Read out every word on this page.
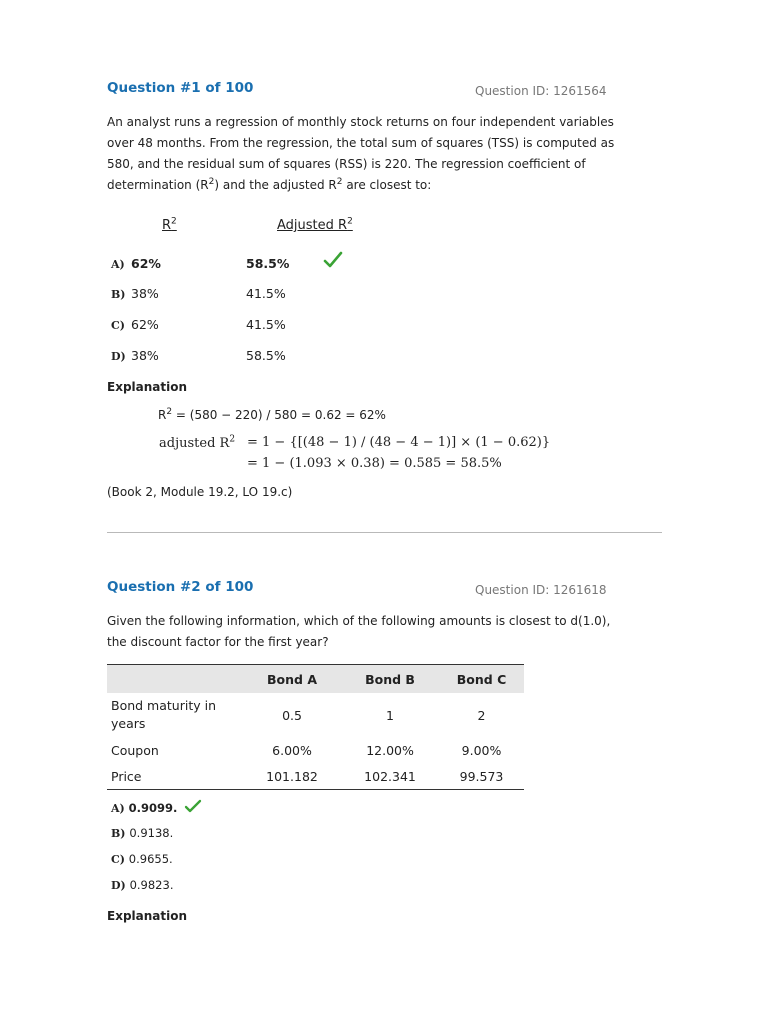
Question #1 of 100	Question ID: 1261564
An analyst runs a regression of monthly stock returns on four independent variables
over 48 months. From the regression, the total sum of squares (TSS) is computed as
580, and the residual sum of squares (RSS) is 220. The regression coefficient of
determination $(R^2)$ and the adjusted $R^2$ are closest to:
$R^2$	Adjusted $R^2$
A) 62%	58.5%
B) 38%	41.5%
C) 62%	41.5%
D) 38%	58.5%
Explanation
$R^2 = (580 - 220) / 580 = 0.62 = 62\%$
adjusted $R^2 = 1 - \{[(48 - 1) / (48 - 4 - 1)] \times (1 - 0.62)\}$
= 1 − (1.093 × 0.38) = 0.585 = 58.5%
(Book 2, Module 19.2, LO 19.c)
Question #2 of 100	Question ID: 1261618
Given the following information, which of the following amounts is closest to d(1.0),
the discount factor for the first year?
	Bond A	Bond B	Bond C
Bond maturity in years	0.5	1	2
Coupon	6.00%	12.00%	9.00%
Price	101.182	102.341	99.573
A) 0.9099.
B) 0.9138.
C) 0.9655.
D) 0.9823.
Explanation
